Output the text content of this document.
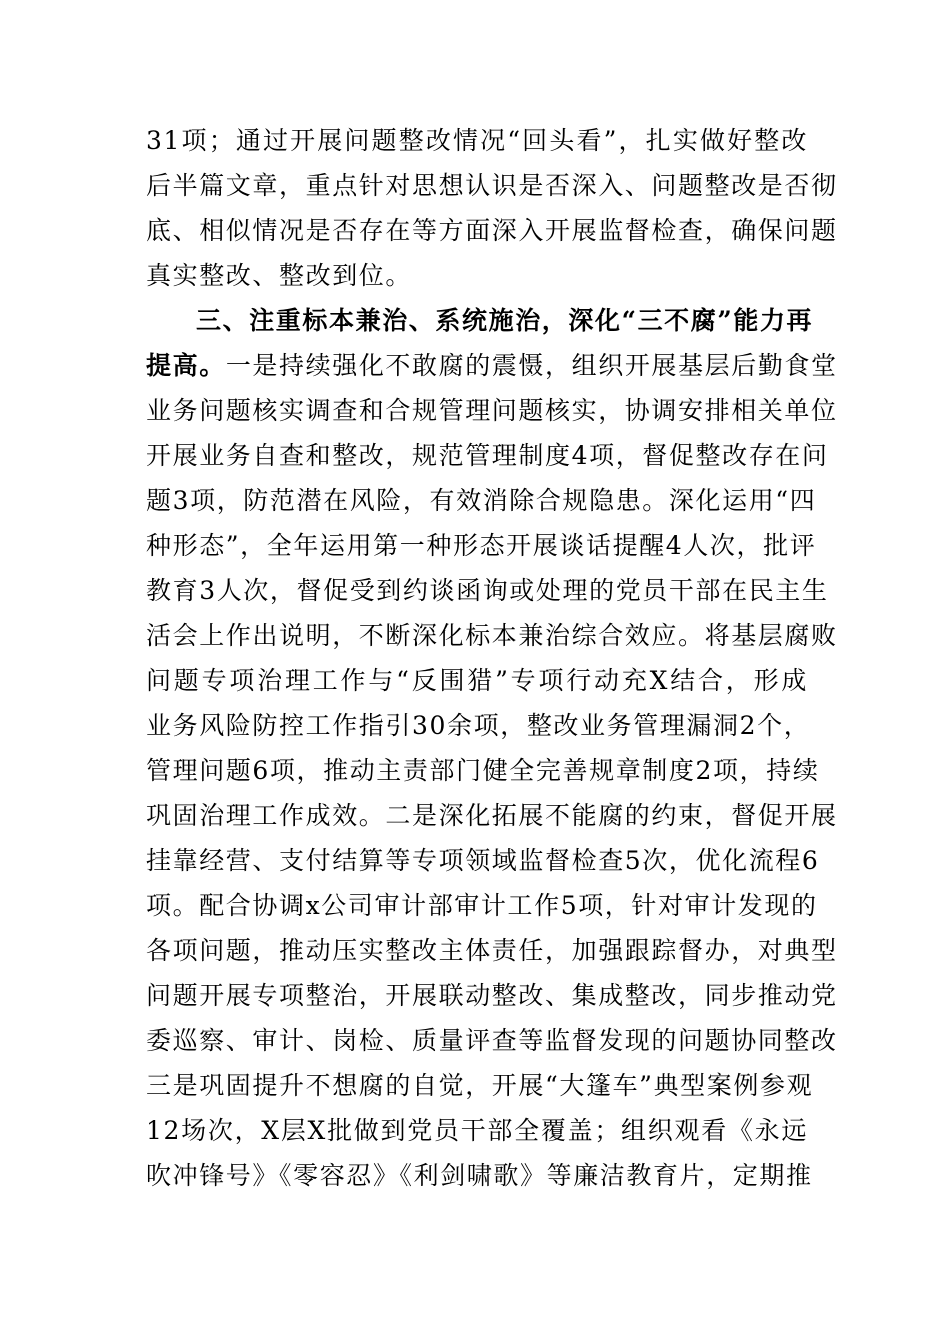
31项；通过开展问题整改情况“回头看”，扎实做好整改
后半篇文章，重点针对思想认识是否深入、问题整改是否彻
底、相似情况是否存在等方面深入开展监督检查，确保问题
真实整改、整改到位。
三、注重标本兼治、系统施治，深化“三不腐”能力再
提高。一是持续强化不敢腐的震慑，组织开展基层后勤食堂
业务问题核实调查和合规管理问题核实，协调安排相关单位
开展业务自查和整改，规范管理制度4项，督促整改存在问
题3项，防范潜在风险，有效消除合规隐患。深化运用“四
种形态”，全年运用第一种形态开展谈话提醒4人次，批评
教育3人次，督促受到约谈函询或处理的党员干部在民主生
活会上作出说明，不断深化标本兼治综合效应。将基层腐败
问题专项治理工作与“反围猎”专项行动充X结合，形成
业务风险防控工作指引30余项，整改业务管理漏洞2个，
管理问题6项，推动主责部门健全完善规章制度2项，持续
巩固治理工作成效。二是深化拓展不能腐的约束，督促开展
挂靠经营、支付结算等专项领域监督检查5次，优化流程6
项。配合协调x公司审计部审计工作5项，针对审计发现的
各项问题，推动压实整改主体责任，加强跟踪督办，对典型
问题开展专项整治，开展联动整改、集成整改，同步推动党
委巡察、审计、岗检、质量评查等监督发现的问题协同整改
三是巩固提升不想腐的自觉，开展“大篷车”典型案例参观
12场次，X层X批做到党员干部全覆盖；组织观看《永远
吹冲锋号》《零容忍》《利剑啸歌》等廉洁教育片，定期推
